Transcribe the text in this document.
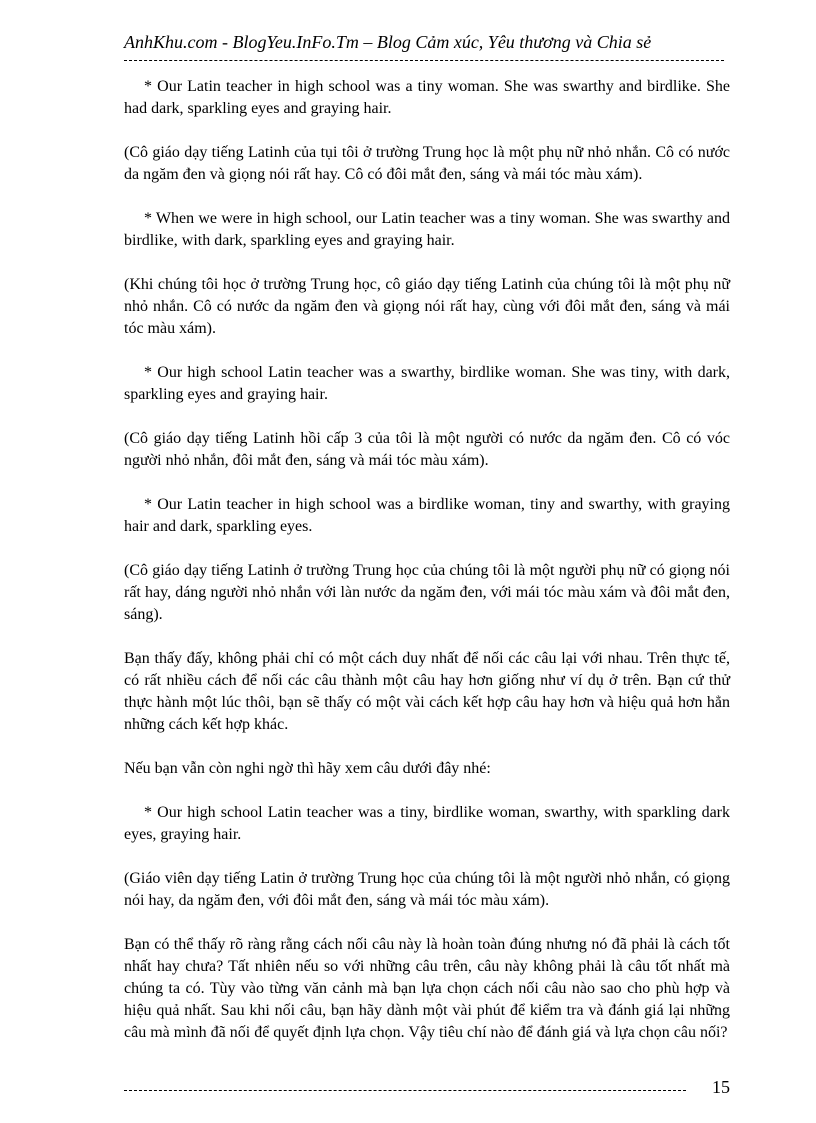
AnhKhu.com - BlogYeu.InFo.Tm – Blog Cảm xúc, Yêu thương và Chia sẻ

* Our Latin teacher in high school was a tiny woman. She was swarthy and birdlike. She had dark, sparkling eyes and graying hair.

(Cô giáo dạy tiếng Latinh của tụi tôi ở trường Trung học là một phụ nữ nhỏ nhắn. Cô có nước da ngăm đen và giọng nói rất hay. Cô có đôi mắt đen, sáng và mái tóc màu xám).

* When we were in high school, our Latin teacher was a tiny woman. She was swarthy and birdlike, with dark, sparkling eyes and graying hair.

(Khi chúng tôi học ở trường Trung học, cô giáo dạy tiếng Latinh của chúng tôi là một phụ nữ nhỏ nhắn. Cô có nước da ngăm đen và giọng nói rất hay, cùng với đôi mắt đen, sáng và mái tóc màu xám).

* Our high school Latin teacher was a swarthy, birdlike woman. She was tiny, with dark, sparkling eyes and graying hair.

(Cô giáo dạy tiếng Latinh hồi cấp 3 của tôi là một người có nước da ngăm đen. Cô có vóc người nhỏ nhắn, đôi mắt đen, sáng và mái tóc màu xám).

* Our Latin teacher in high school was a birdlike woman, tiny and swarthy, with graying hair and dark, sparkling eyes.

(Cô giáo dạy tiếng Latinh ở trường Trung học của chúng tôi là một người phụ nữ có giọng nói rất hay, dáng người nhỏ nhắn với làn nước da ngăm đen, với mái tóc màu xám và đôi mắt đen, sáng).

Bạn thấy đấy, không phải chỉ có một cách duy nhất để nối các câu lại với nhau. Trên thực tế, có rất nhiều cách để nối các câu thành một câu hay hơn giống như ví dụ ở trên. Bạn cứ thử thực hành một lúc thôi, bạn sẽ thấy có một vài cách kết hợp câu hay hơn và hiệu quả hơn hẳn những cách kết hợp khác.

Nếu bạn vẫn còn nghi ngờ thì hãy xem câu dưới đây nhé:

* Our high school Latin teacher was a tiny, birdlike woman, swarthy, with sparkling dark eyes, graying hair.

(Giáo viên dạy tiếng Latin ở trường Trung học của chúng tôi là một người nhỏ nhắn, có giọng nói hay, da ngăm đen, với đôi mắt đen, sáng và mái tóc màu xám).

Bạn có thể thấy rõ ràng rằng cách nối câu này là hoàn toàn đúng nhưng nó đã phải là cách tốt nhất hay chưa? Tất nhiên nếu so với những câu trên, câu này không phải là câu tốt nhất mà chúng ta có. Tùy vào từng văn cảnh mà bạn lựa chọn cách nối câu nào sao cho phù hợp và hiệu quả nhất. Sau khi nối câu, bạn hãy dành một vài phút để kiểm tra và đánh giá lại những câu mà mình đã nối để quyết định lựa chọn. Vậy tiêu chí nào để đánh giá và lựa chọn câu nối?

15
